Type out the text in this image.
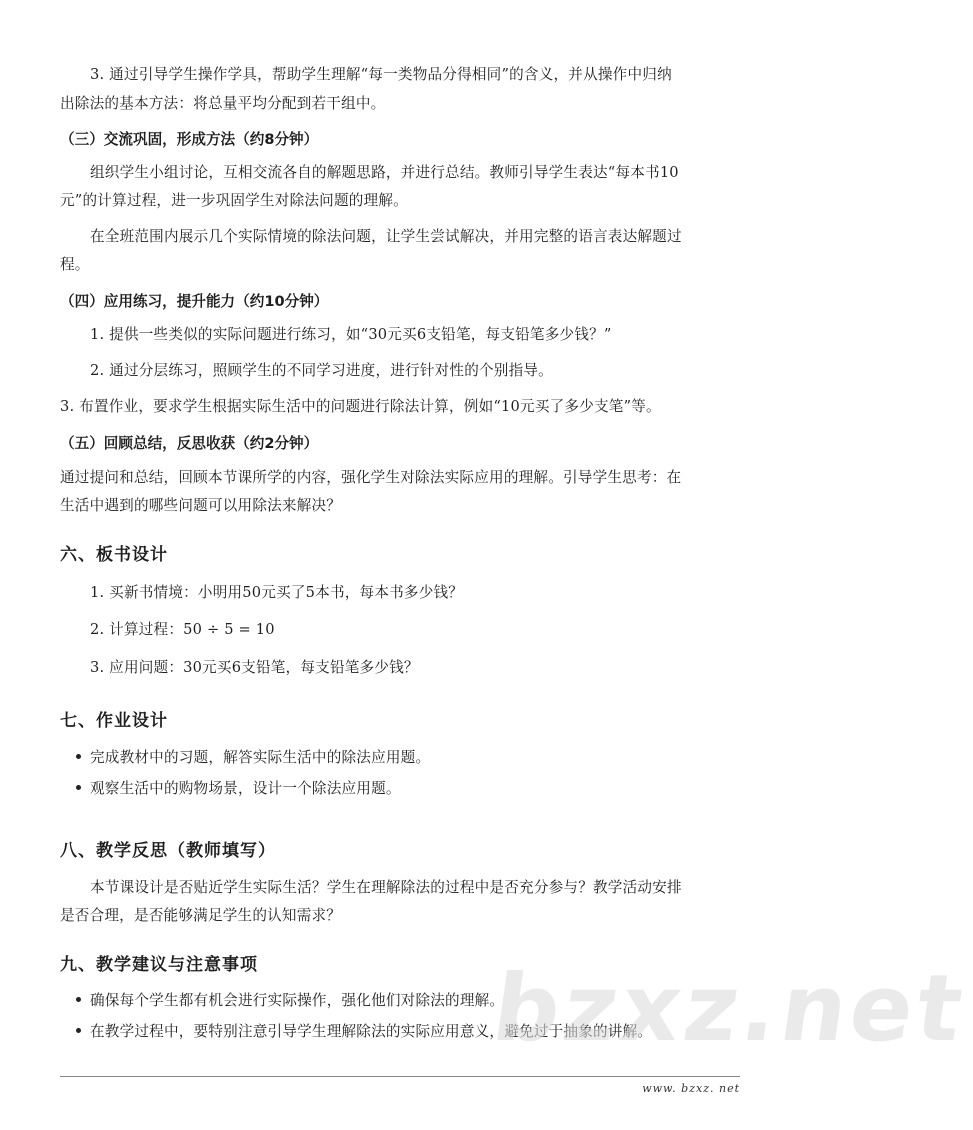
3. 通过引导学生操作学具，帮助学生理解“每一类物品分得相同”的含义，并从操作中归纳
出除法的基本方法：将总量平均分配到若干组中。
（三）交流巩固，形成方法（约8分钟）
组织学生小组讨论，互相交流各自的解题思路，并进行总结。教师引导学生表达“每本书10
元”的计算过程，进一步巩固学生对除法问题的理解。
在全班范围内展示几个实际情境的除法问题，让学生尝试解决，并用完整的语言表达解题过
程。
（四）应用练习，提升能力（约10分钟）
1. 提供一些类似的实际问题进行练习，如“30元买6支铅笔，每支铅笔多少钱？”
2. 通过分层练习，照顾学生的不同学习进度，进行针对性的个别指导。
3. 布置作业，要求学生根据实际生活中的问题进行除法计算，例如“10元买了多少支笔”等。
（五）回顾总结，反思收获（约2分钟）
通过提问和总结，回顾本节课所学的内容，强化学生对除法实际应用的理解。引导学生思考：在
生活中遇到的哪些问题可以用除法来解决？
六、板书设计
1. 买新书情境：小明用50元买了5本书，每本书多少钱？
2. 计算过程：50 ÷ 5 = 10
3. 应用问题：30元买6支铅笔，每支铅笔多少钱？
七、作业设计
完成教材中的习题，解答实际生活中的除法应用题。
观察生活中的购物场景，设计一个除法应用题。
八、教学反思（教师填写）
本节课设计是否贴近学生实际生活？学生在理解除法的过程中是否充分参与？教学活动安排
是否合理，是否能够满足学生的认知需求？
九、教学建议与注意事项
确保每个学生都有机会进行实际操作，强化他们对除法的理解。
在教学过程中，要特别注意引导学生理解除法的实际应用意义，避免过于抽象的讲解。
bzxz.net
www. bzxz. net
